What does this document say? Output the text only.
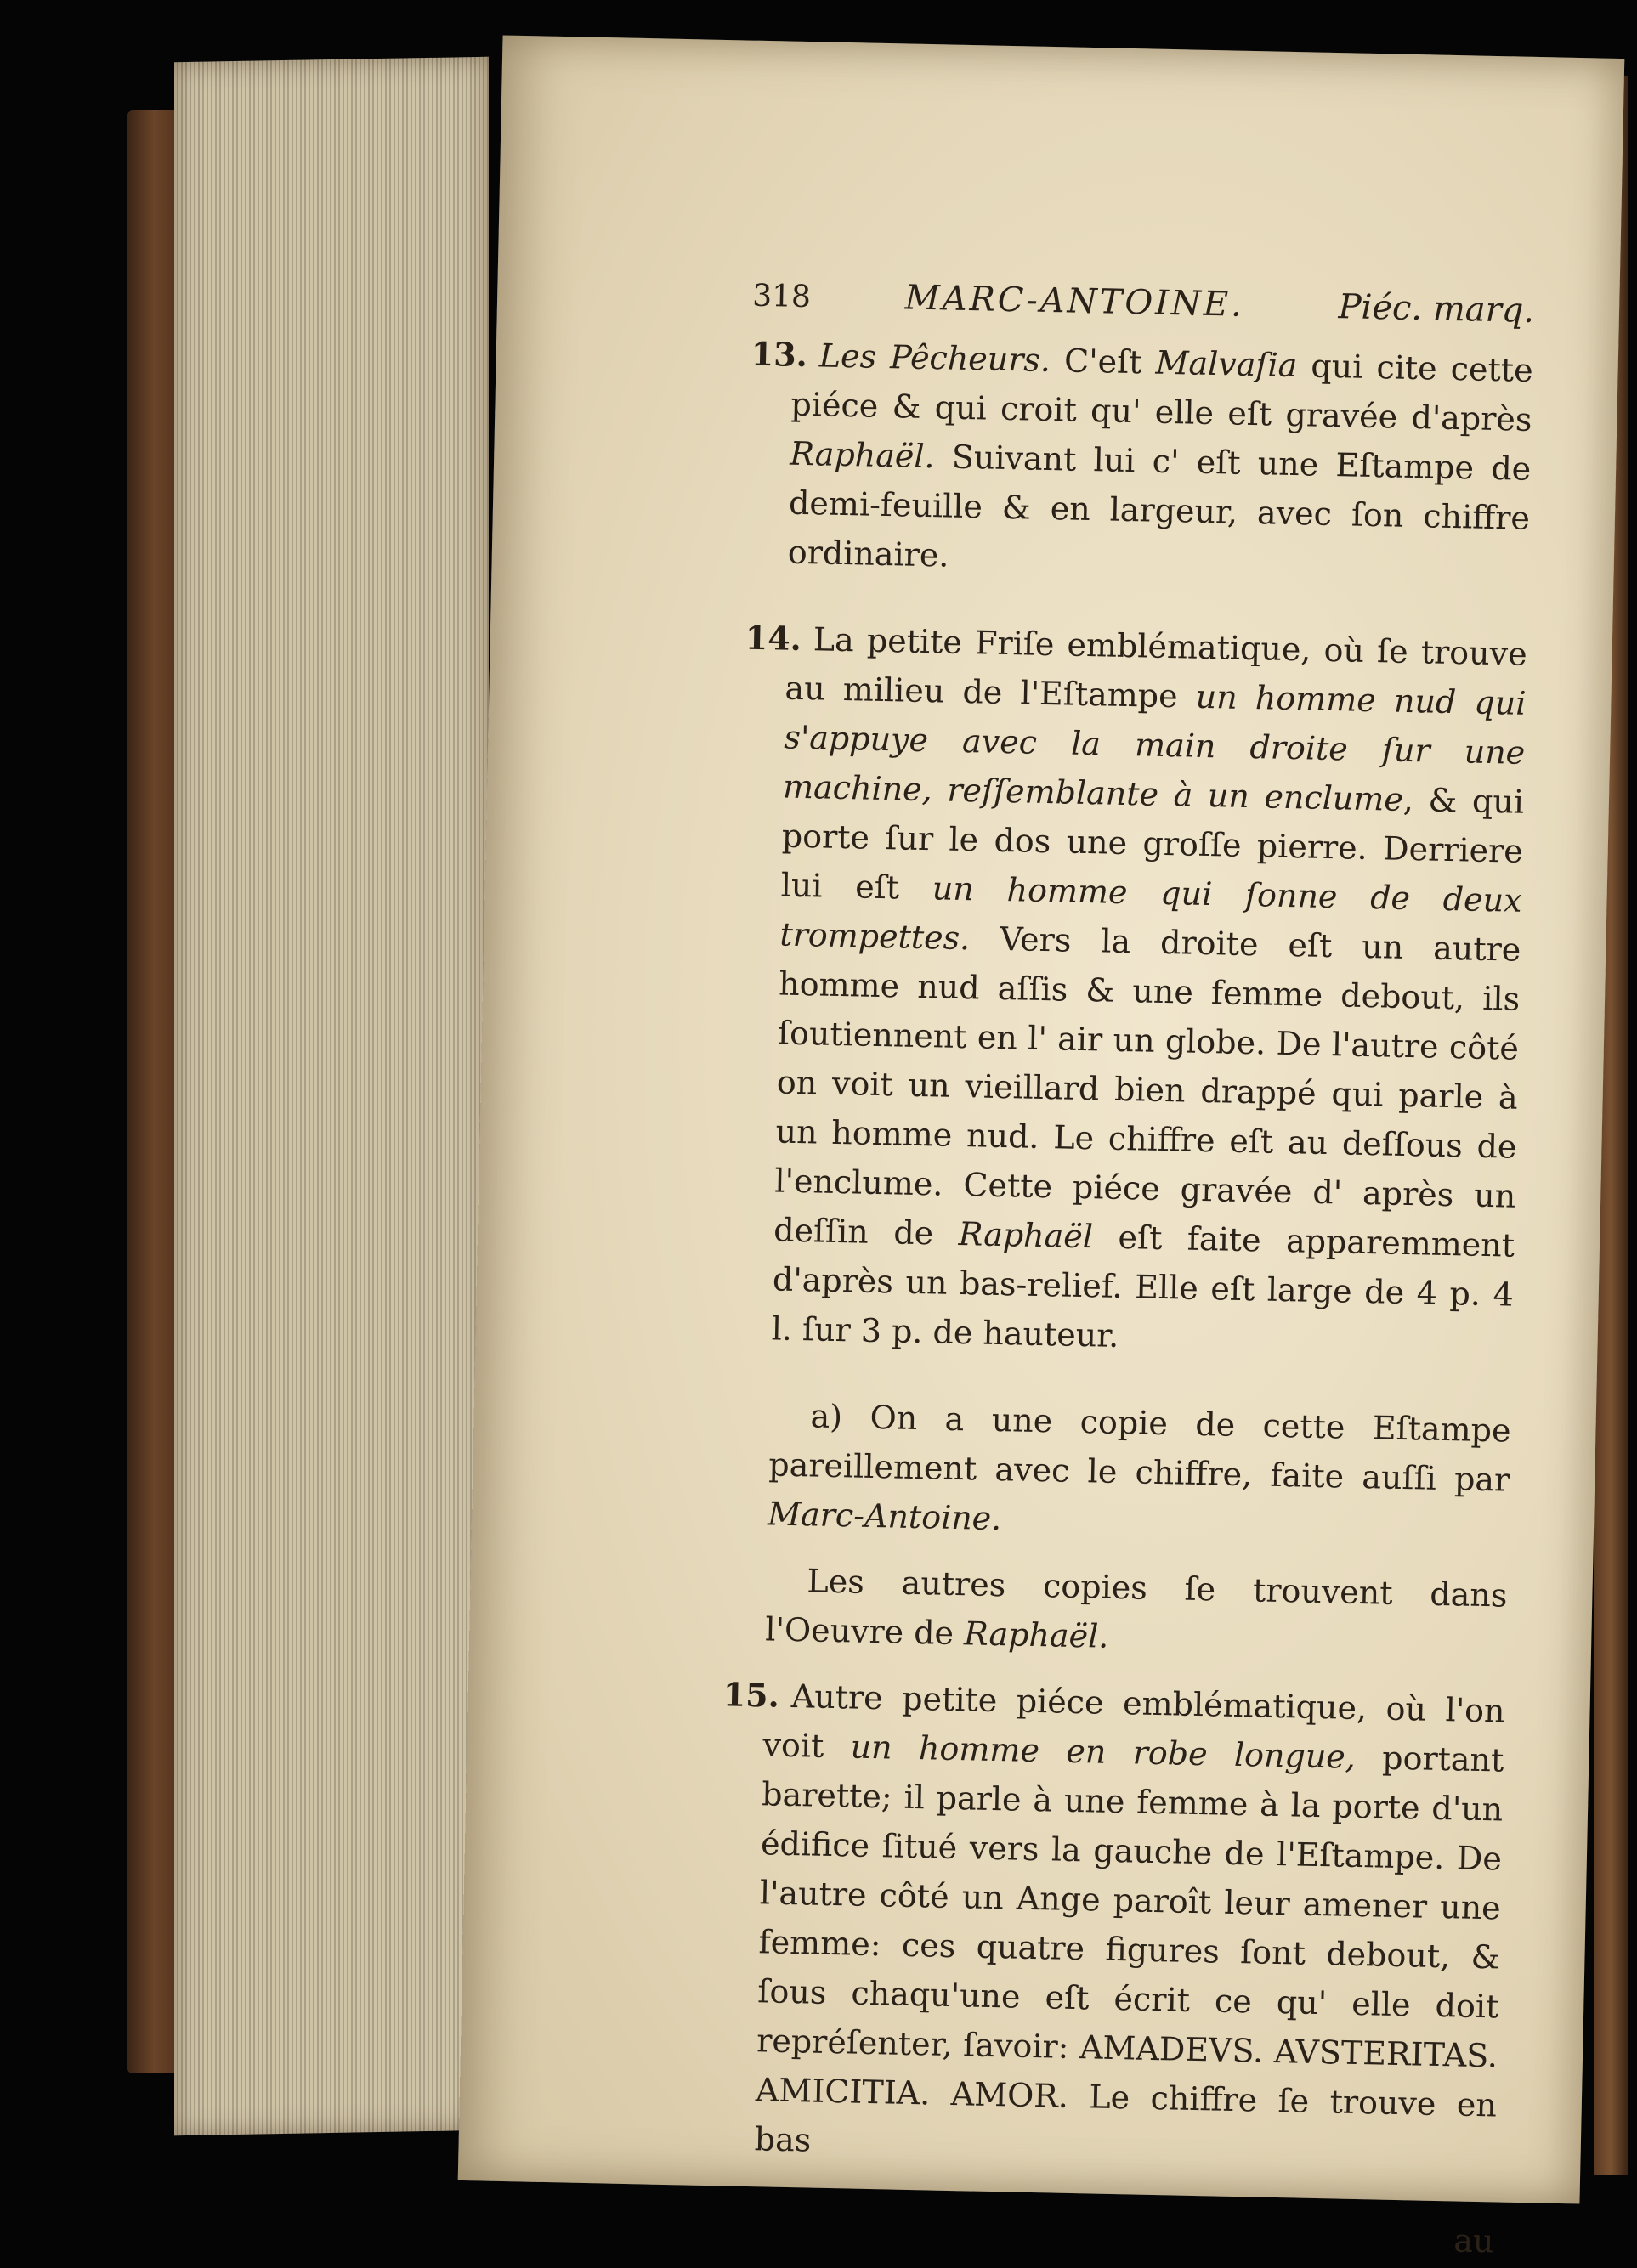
318	MARC-ANTOINE.	Piéc. marq.

13. Les Pêcheurs. C'eſt Malvaſia qui cite cette piéce & qui croit qu' elle eſt gravée d'après Raphaël. Suivant lui c' eſt une Eſtampe de demi-feuille & en largeur, avec ſon chiffre ordinaire.

14. La petite Friſe emblématique, où ſe trouve au milieu de l'Eſtampe un homme nud qui s'appuye avec la main droite ſur une machine, reſſemblante à un enclume, & qui porte ſur le dos une groſſe pierre. Derriere lui eſt un homme qui ſonne de deux trompettes. Vers la droite eſt un autre homme nud aſſis & une femme debout, ils ſoutiennent en l' air un globe. De l'autre côté on voit un vieillard bien drappé qui parle à un homme nud. Le chiffre eſt au deſſous de l'enclume. Cette piéce gravée d' après un deſſin de Raphaël eſt faite apparemment d'après un bas-relief. Elle eſt large de 4 p. 4 l. ſur 3 p. de hauteur.

a) On a une copie de cette Eſtampe pareillement avec le chiffre, faite auſſi par Marc-Antoine.

Les autres copies ſe trouvent dans l'Oeuvre de Raphaël.

15. Autre petite piéce emblématique, où l'on voit un homme en robe longue, portant barette; il parle à une femme à la porte d'un édifice ſitué vers la gauche de l'Eſtampe. De l'autre côté un Ange paroît leur amener une femme: ces quatre figures ſont debout, & ſous chaqu'une eſt écrit ce qu' elle doit repréſenter, ſavoir: AMADEVS. AVSTERITAS. AMICITIA. AMOR. Le chiffre ſe trouve en bas

au
